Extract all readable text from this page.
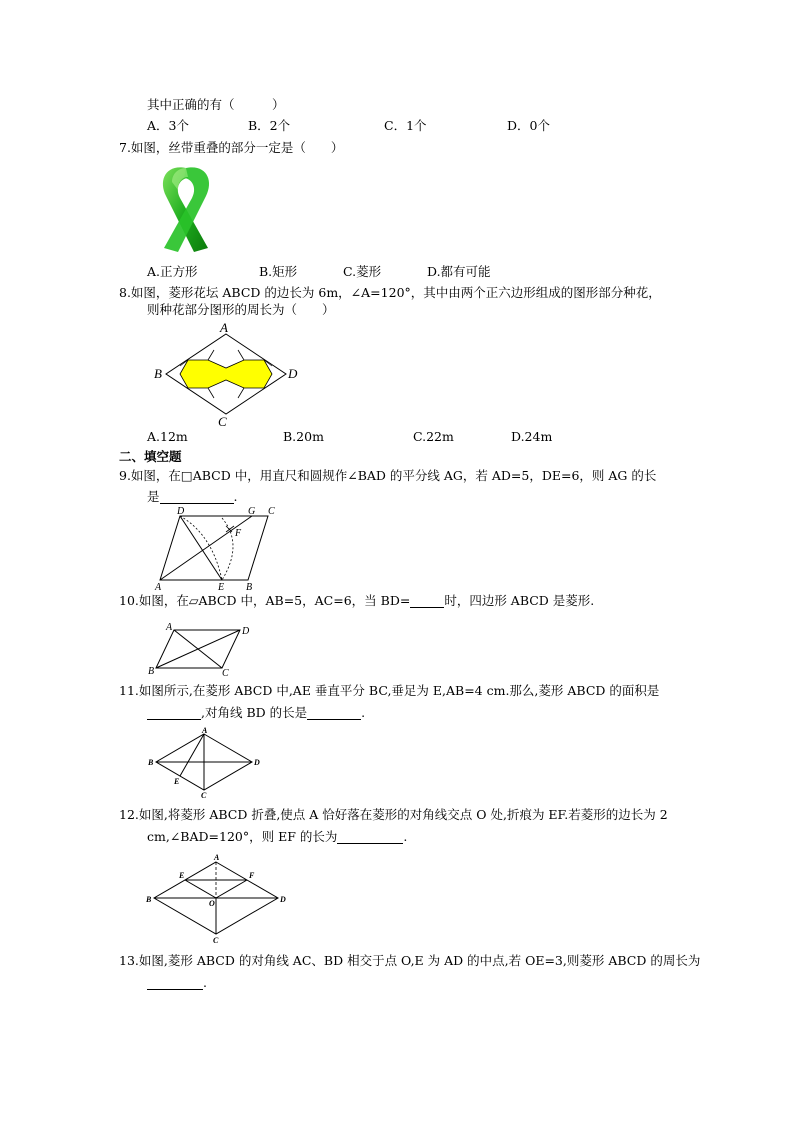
其中正确的有（　　　）
A．3个	B．2个	C．1个	D．0个
7.如图，丝带重叠的部分一定是（　　）
A.正方形	B.矩形	C.菱形	D.都有可能
8.如图，菱形花坛 ABCD 的边长为 6m，∠A=120°，其中由两个正六边形组成的图形部分种花，
则种花部分图形的周长为（　　）
A
B
C
D
A.12m	B.20m	C.22m	D.24m
二、填空题
9.如图，在□ABCD 中，用直尺和圆规作∠BAD 的平分线 AG，若 AD=5，DE=6，则 AG 的长
是	.
D	G C
F
A	E B
10.如图，在▱ABCD 中，AB=5，AC=6，当 BD=	时，四边形 ABCD 是菱形.
A	D
B	C
11.如图所示,在菱形 ABCD 中,AE 垂直平分 BC,垂足为 E,AB=4 cm.那么,菱形 ABCD 的面积是
,对角线 BD 的长是	.
A
B	D
E
C
12.如图,将菱形 ABCD 折叠,使点 A 恰好落在菱形的对角线交点 O 处,折痕为 EF.若菱形的边长为 2
cm,∠BAD=120°，则 EF 的长为	.
A
E	F
B	O	D
C
13.如图,菱形 ABCD 的对角线 AC、BD 相交于点 O,E 为 AD 的中点,若 OE=3,则菱形 ABCD 的周长为
.
